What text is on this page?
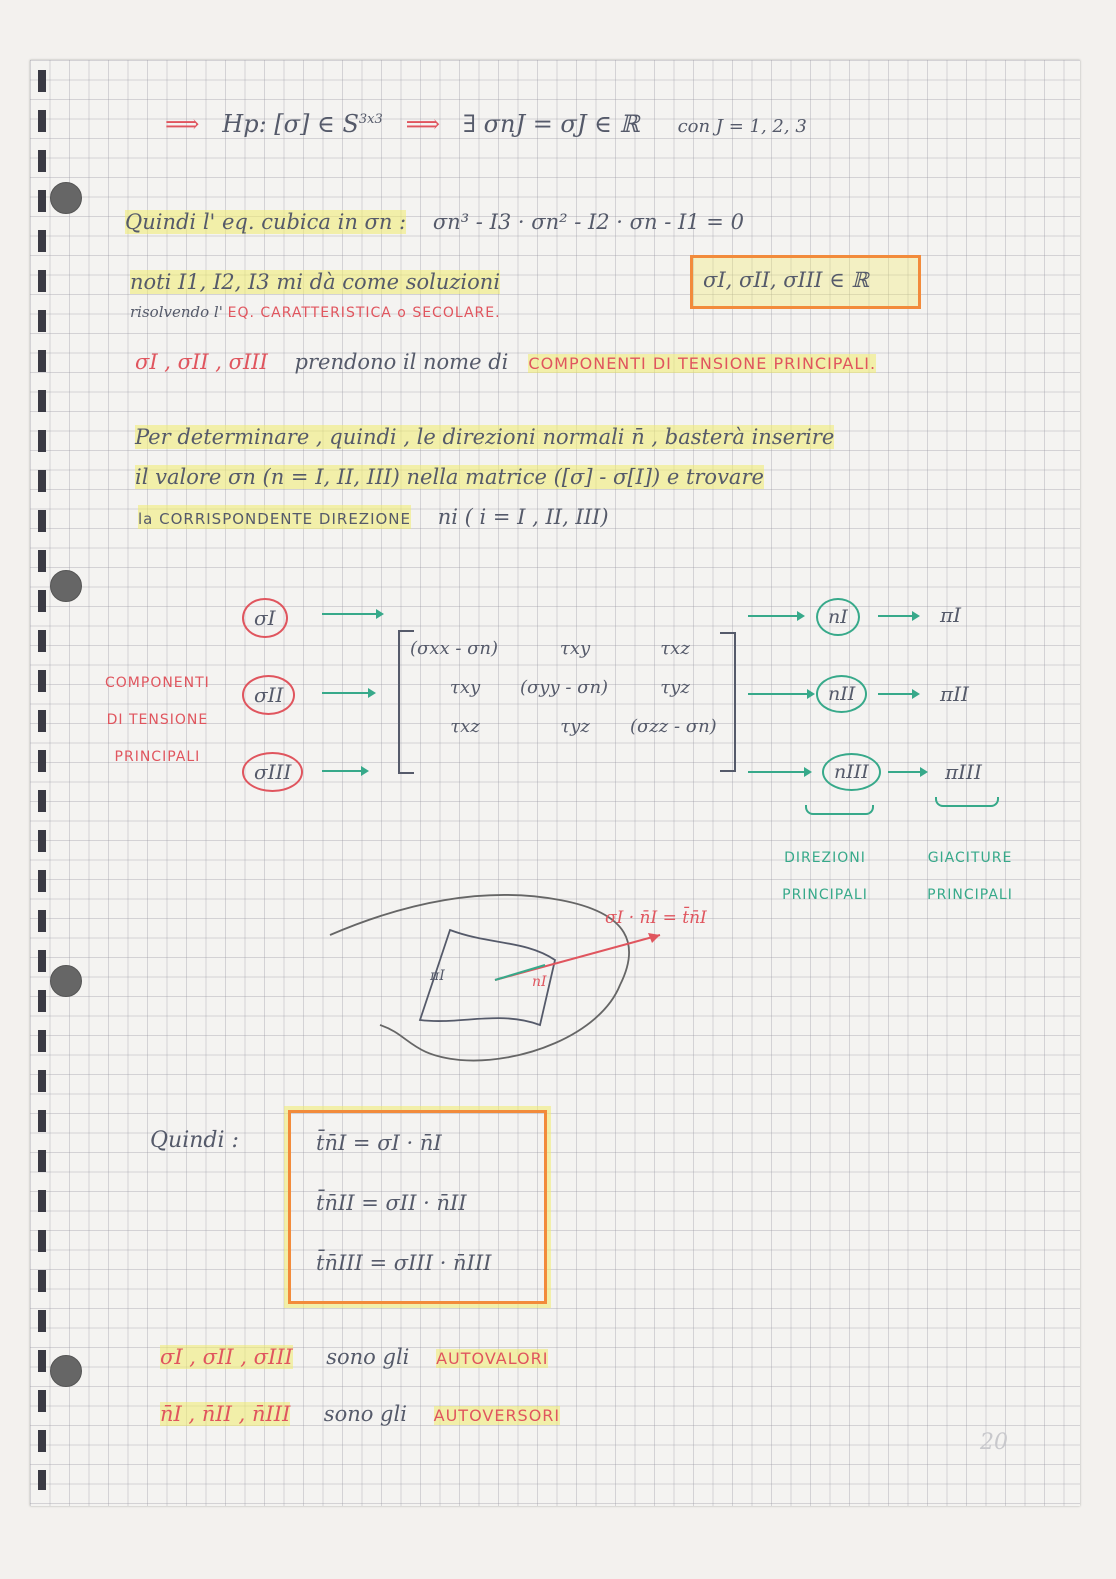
⟹ Hp: [σ] ∈ $S^{3x3}$ ⟹ ∃ σnJ = σJ ∈ ℝ con J = 1, 2, 3
Quindi l' eq. cubica in σn : σn³ - I3 · σn² - I2 · σn - I1 = 0
noti I1, I2, I3 mi dà come soluzioni	σI, σII, σIII ∈ ℝ
risolvendo l' EQ. CARATTERISTICA o SECOLARE.
σI , σII , σIII prendono il nome di COMPONENTI DI TENSIONE PRINCIPALI.
Per determinare , quindi , le direzioni normali n̄ , basterà inserire
il valore σn (n = I, II, III) nella matrice ([σ] - σ[I]) e trovare
la CORRISPONDENTE DIREZIONE ni ( i = I , II, III)
COMPONENTI
DI TENSIONE
PRINCIPALI
σI
σII
σIII
(σxx - σn)	τxy	τxz
τxy	(σyy - σn)	τyz
τxz	τyz	(σzz - σn)
nI
nII
nIII
πI
πII
πIII
DIREZIONI
PRINCIPALI
GIACITURE
PRINCIPALI
σI · n̄I = t̄n̄I
πI	nI
Quindi :	t̄n̄I = σI · n̄I
t̄n̄II = σII · n̄II
t̄n̄III = σIII · n̄III
σI , σII , σIII sono gli AUTOVALORI
n̄I , n̄II , n̄III sono gli AUTOVERSORI
20
